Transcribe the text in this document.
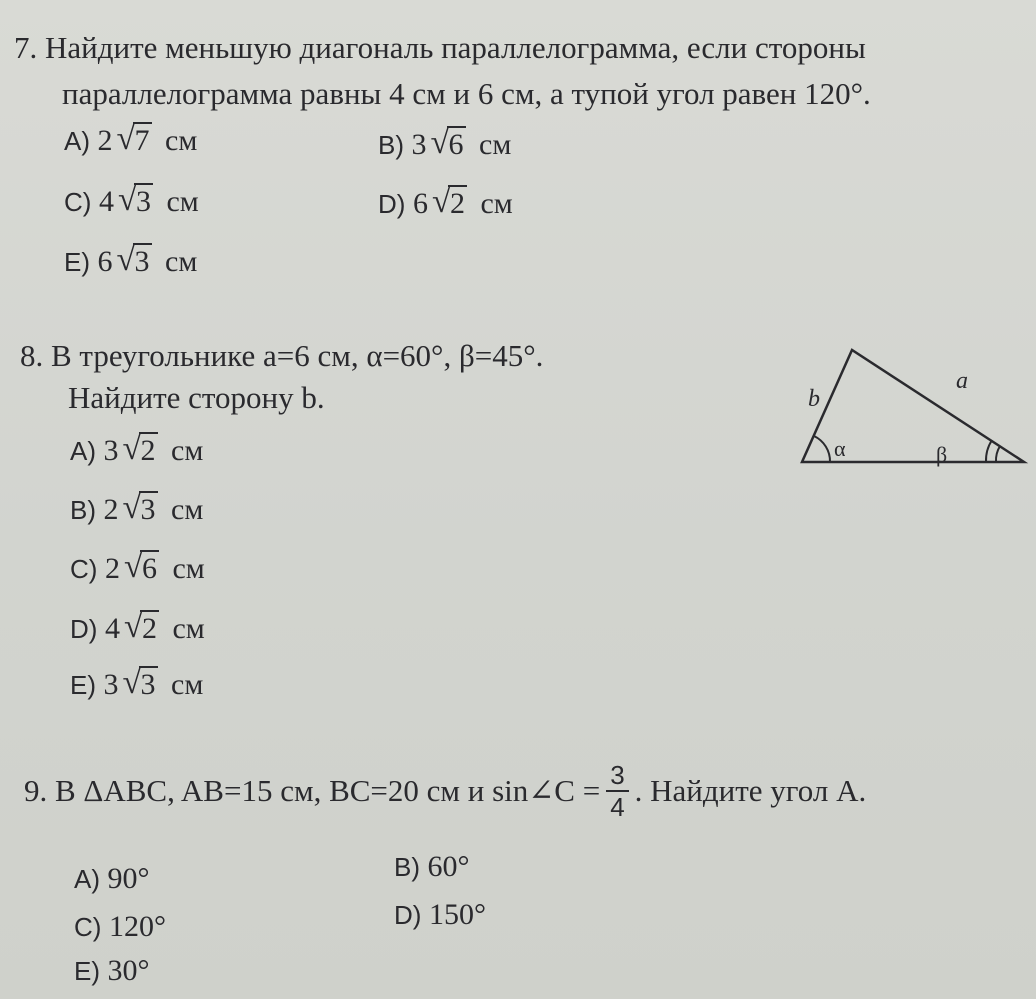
7. Найдите меньшую диагональ параллелограмма, если стороны
параллелограмма равны 4 см и 6 см, а тупой угол равен 120°.
A) 2 √ 7 см	B) 3 √ 6 см
C) 4 √ 3 см	D) 6 √ 2 см
E) 6 √ 3 см
8. В треугольнике a=6 см, α=60°, β=45°.
Найдите сторону b.
A) 3 √ 2 см
B) 2 √ 3 см
C) 2 √ 6 см
D) 4 √ 2 см
E) 3 √ 3 см
b
a
α	β
9. В ΔABC, AB=15 см, BC=20 см и sin∠C = $\frac{3}{4}$ . Найдите угол A.
A) 90°	B) 60°
C) 120°	D) 150°
E) 30°
